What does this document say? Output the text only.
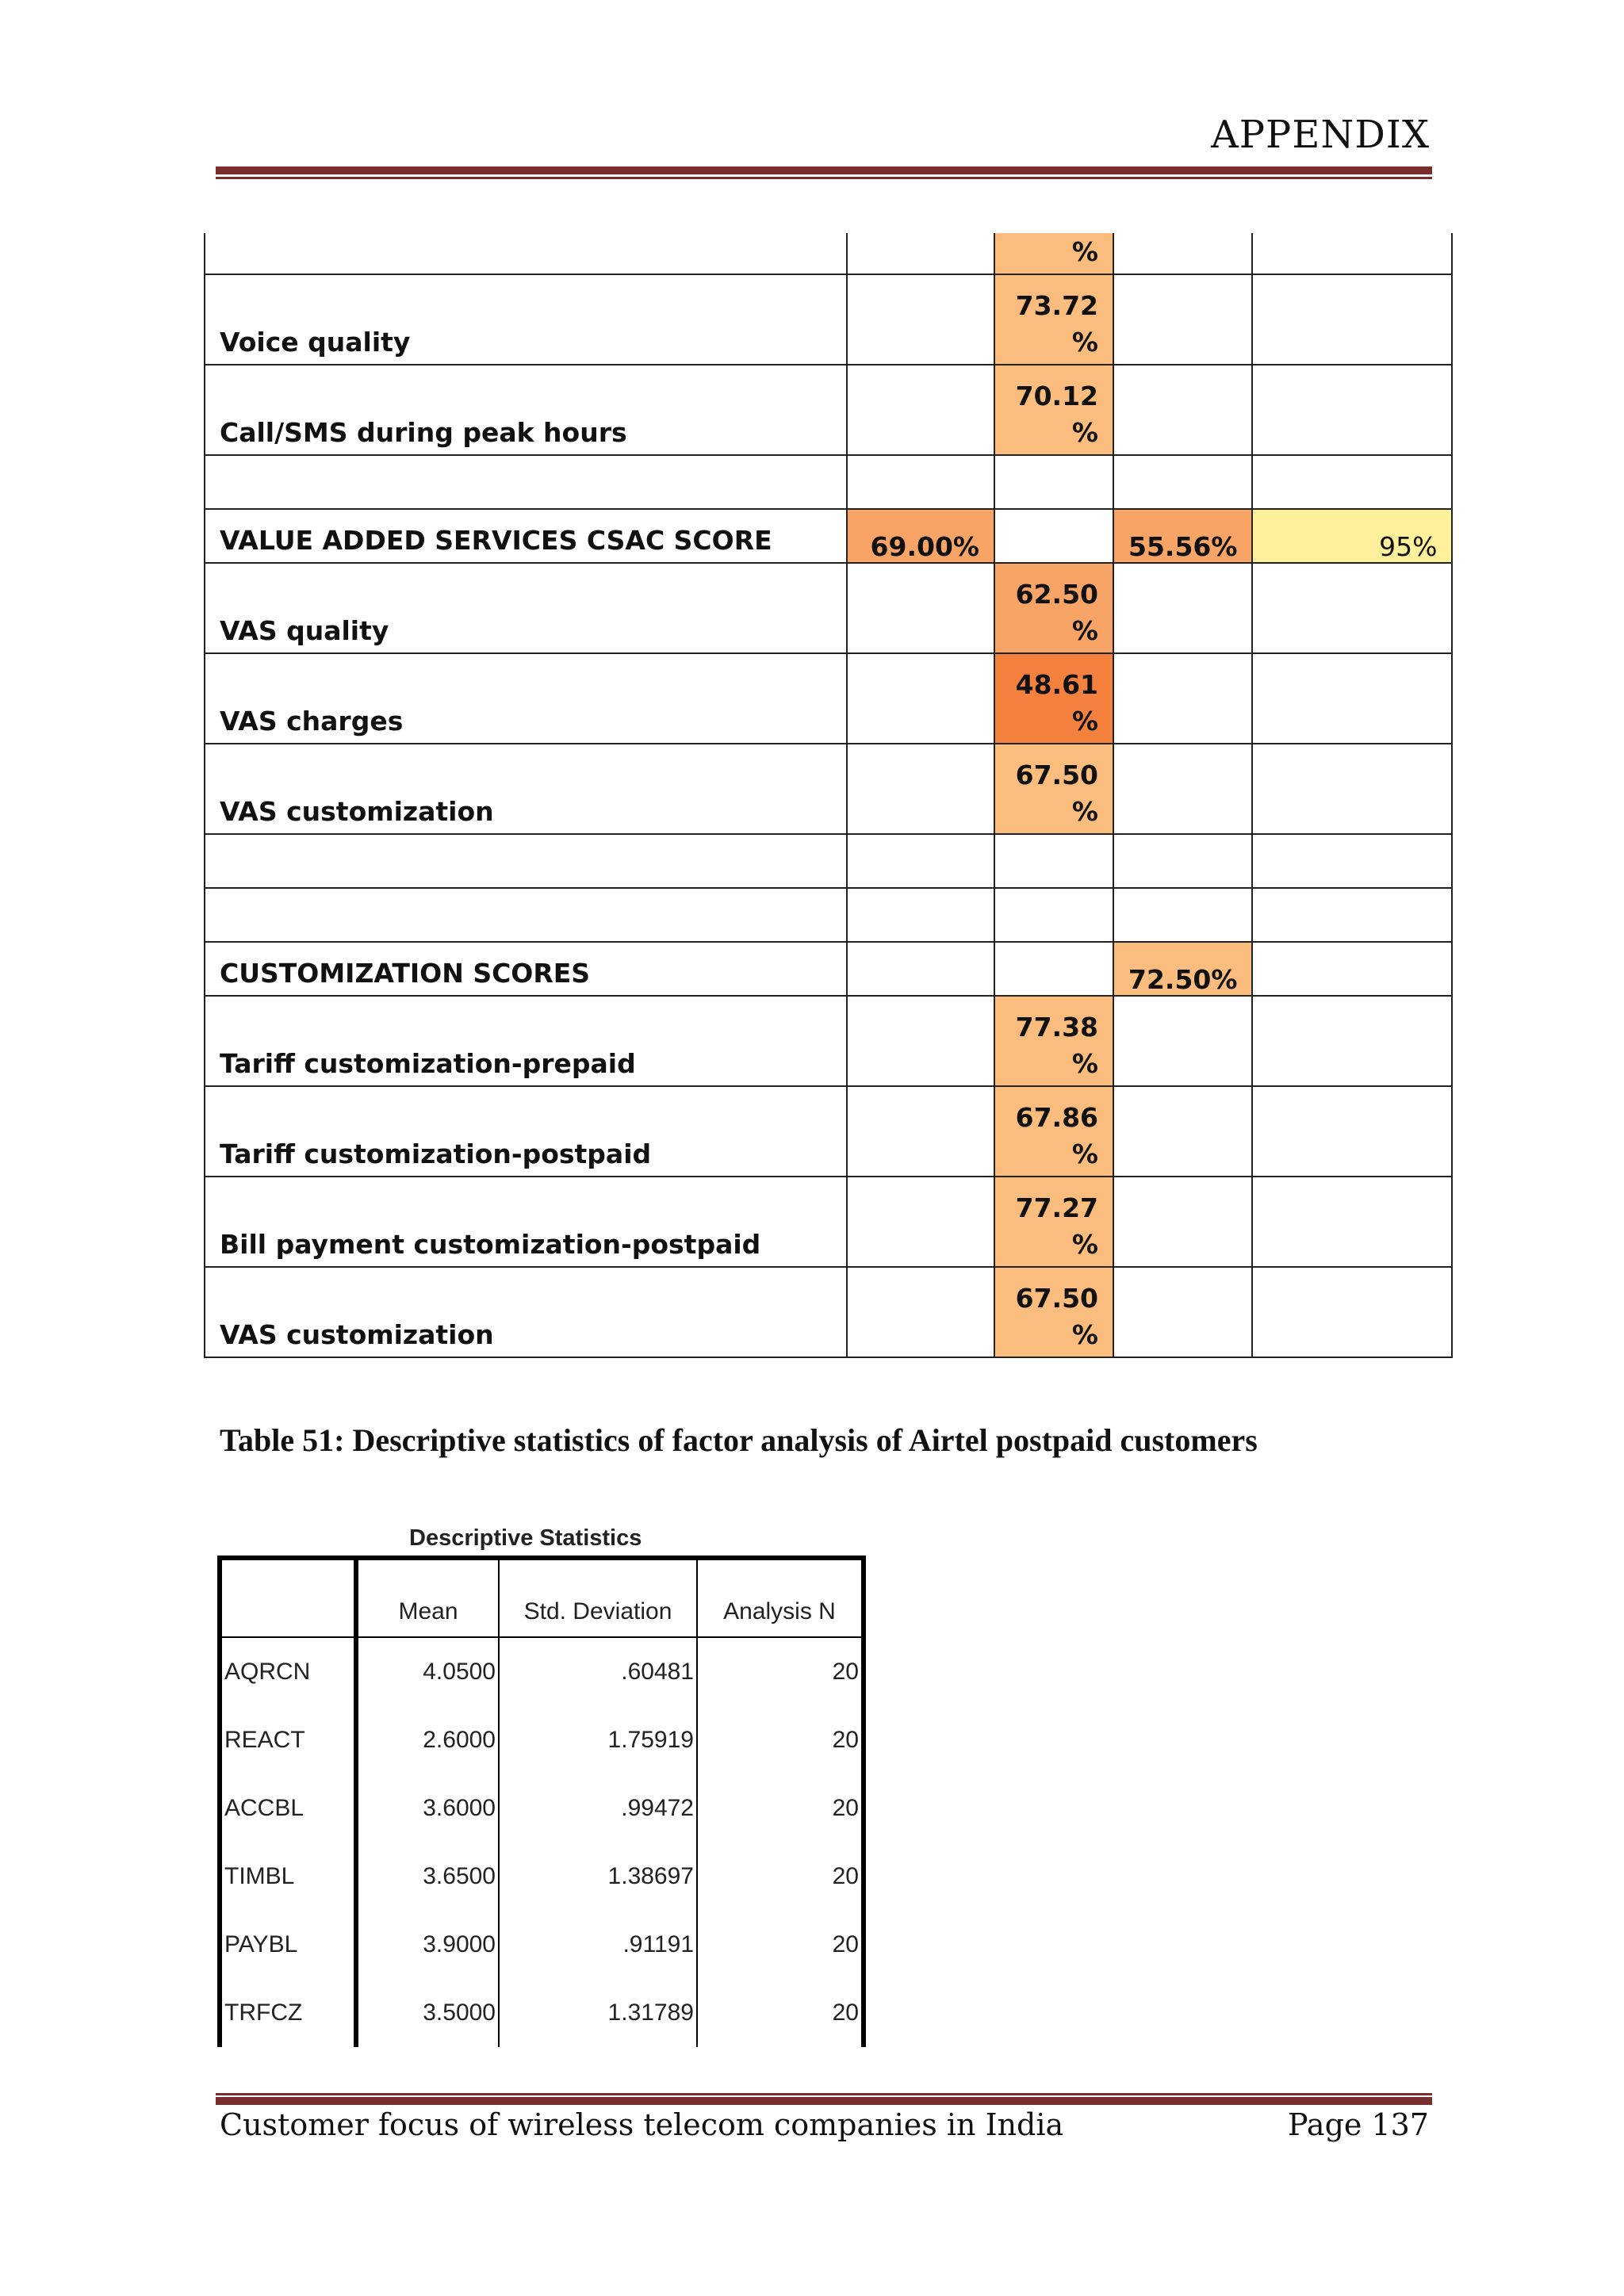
APPENDIX
		%		
Voice quality		73.72
%		
Call/SMS during peak hours		70.12
%		

VALUE ADDED SERVICES CSAC SCORE	69.00%		55.56%	95%
VAS quality		62.50
%		
VAS charges		48.61
%		
VAS customization		67.50
%		

CUSTOMIZATION SCORES			72.50%	
Tariff customization-prepaid		77.38
%		
Tariff customization-postpaid		67.86
%		
Bill payment customization-postpaid		77.27
%		
VAS customization		67.50
%		
Table 51: Descriptive statistics of factor analysis of Airtel postpaid customers
Descriptive Statistics
	Mean	Std. Deviation	Analysis N
AQRCN	4.0500	.60481	20
REACT	2.6000	1.75919	20
ACCBL	3.6000	.99472	20
TIMBL	3.6500	1.38697	20
PAYBL	3.9000	.91191	20
TRFCZ	3.5000	1.31789	20
Customer focus of wireless telecom companies in India	Page 137
